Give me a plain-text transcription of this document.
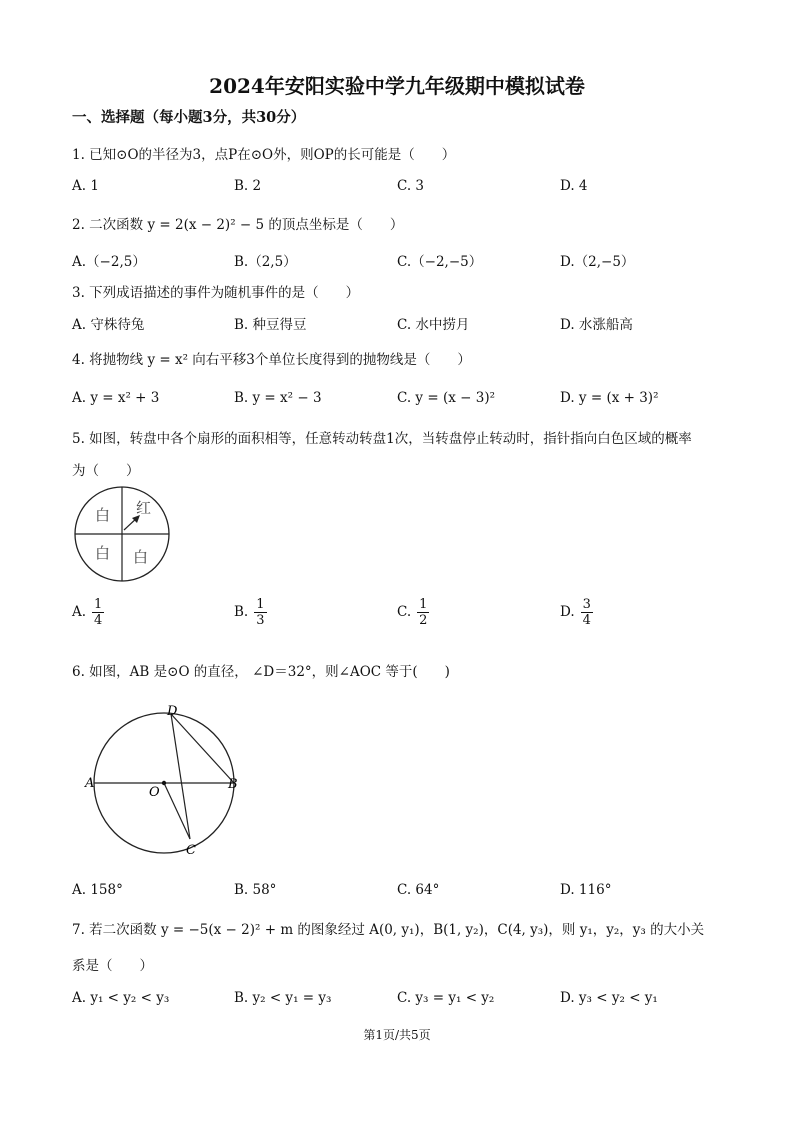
2024年安阳实验中学九年级期中模拟试卷
一、选择题（每小题3分，共30分）
1. 已知⊙O的半径为3，点P在⊙O外，则OP的长可能是（　　）
A. 1	B. 2	C. 3	D. 4
2. 二次函数 y = 2(x − 2)² − 5 的顶点坐标是（　　）
A.（−2,5）	B.（2,5）	C.（−2,−5）	D.（2,−5）
3. 下列成语描述的事件为随机事件的是（　　）
A. 守株待兔	B. 种豆得豆	C. 水中捞月	D. 水涨船高
4. 将抛物线 y = x² 向右平移3个单位长度得到的抛物线是（　　）
A. y = x² + 3	B. y = x² − 3	C. y = (x − 3)²	D. y = (x + 3)²
5. 如图，转盘中各个扇形的面积相等，任意转动转盘1次，当转盘停止转动时，指针指向白色区域的概率
为（　　）
白 红
白 白
A. $\frac{1}{4}$	B. $\frac{1}{3}$	C. $\frac{1}{2}$	D. $\frac{3}{4}$
6. 如图，AB 是⊙O 的直径， ∠D＝32°，则∠AOC 等于(　　)
D
A
O
B
C
A. 158°	B. 58°	C. 64°	D. 116°
7. 若二次函数 y = −5(x − 2)² + m 的图象经过 A(0, y₁)，B(1, y₂)，C(4, y₃)，则 y₁，y₂，y₃ 的大小关
系是（　　）
A. y₁ < y₂ < y₃	B. y₂ < y₁ = y₃	C. y₃ = y₁ < y₂	D. y₃ < y₂ < y₁
第1页/共5页
